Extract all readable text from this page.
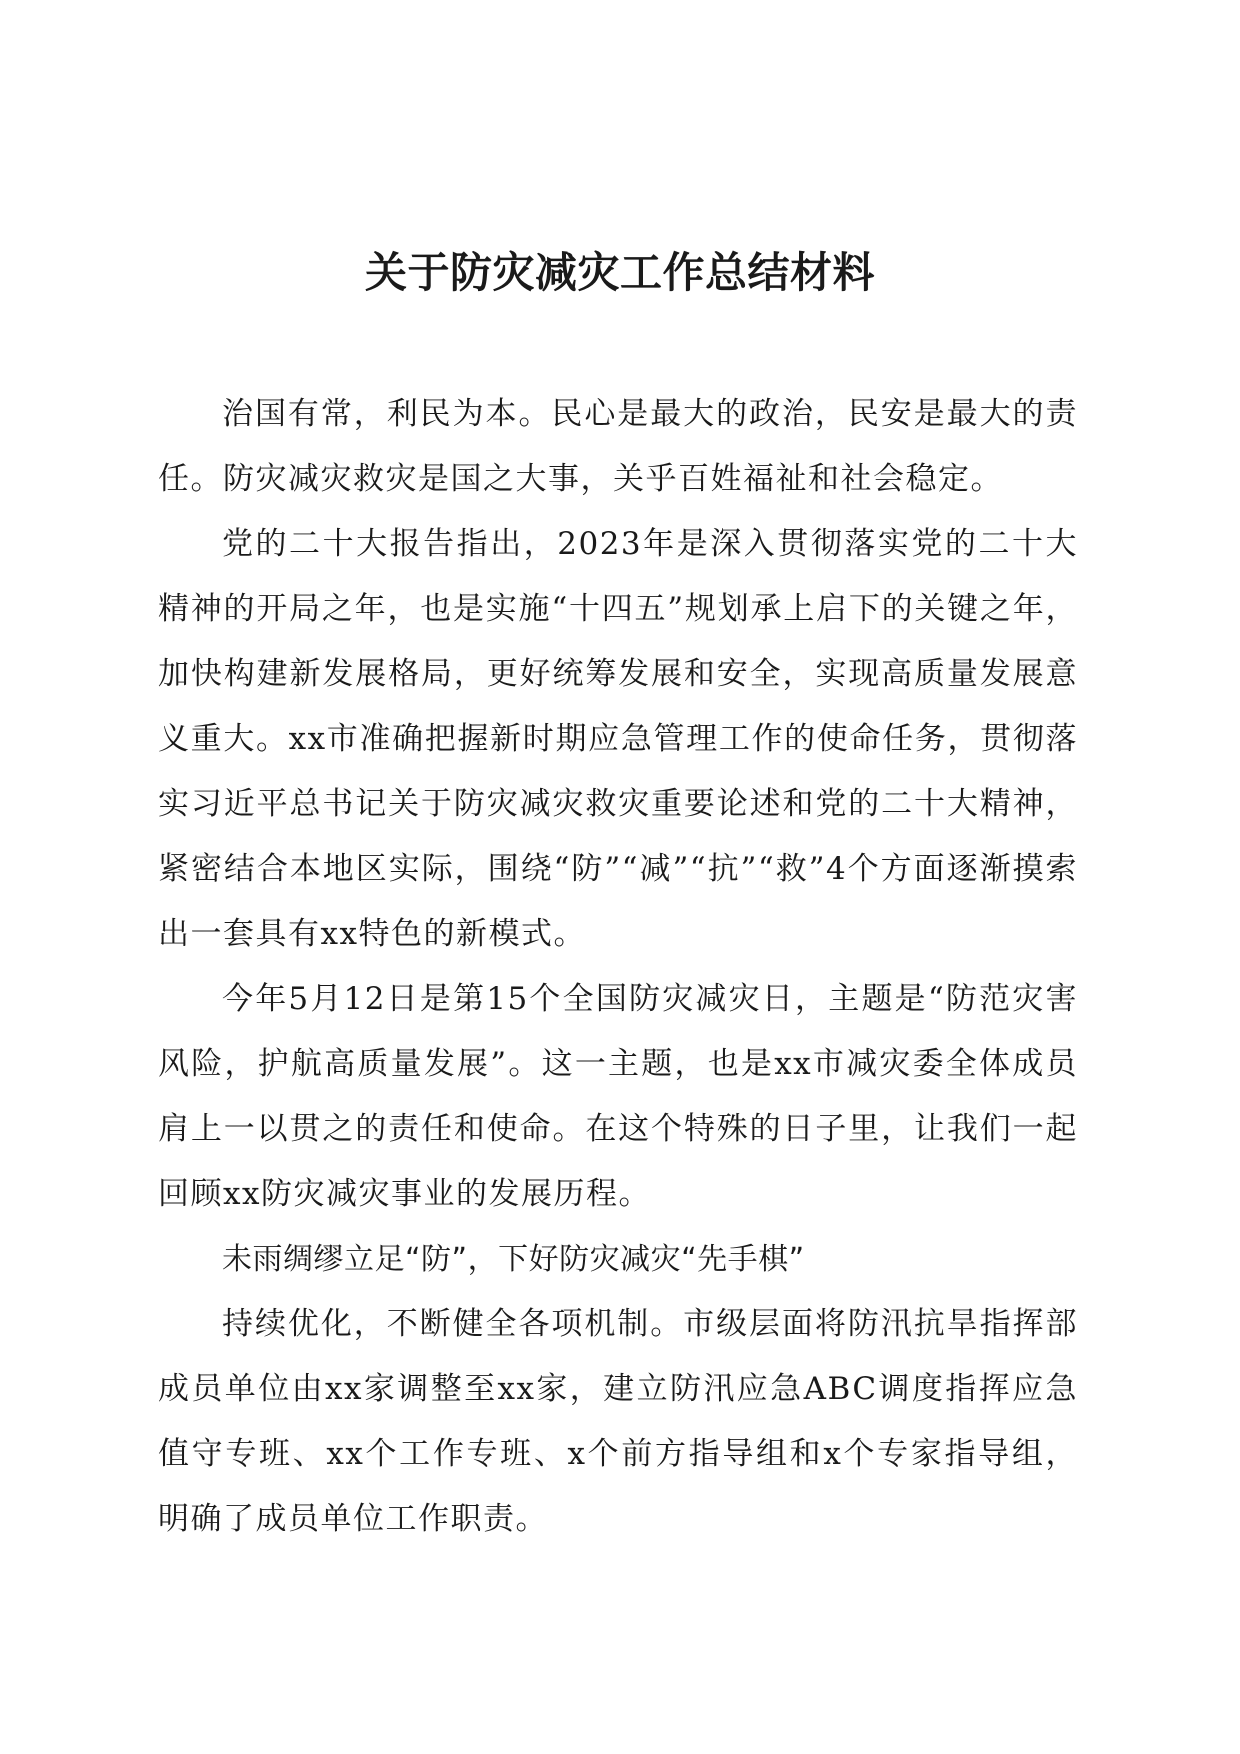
关于防灾减灾工作总结材料

治国有常，利民为本。民心是最大的政治，民安是最大的责任。防灾减灾救灾是国之大事，关乎百姓福祉和社会稳定。

党的二十大报告指出，2023年是深入贯彻落实党的二十大精神的开局之年，也是实施“十四五”规划承上启下的关键之年，加快构建新发展格局，更好统筹发展和安全，实现高质量发展意义重大。xx市准确把握新时期应急管理工作的使命任务，贯彻落实习近平总书记关于防灾减灾救灾重要论述和党的二十大精神，紧密结合本地区实际，围绕“防”“减”“抗”“救”4个方面逐渐摸索出一套具有xx特色的新模式。

今年5月12日是第15个全国防灾减灾日，主题是“防范灾害风险，护航高质量发展”。这一主题，也是xx市减灾委全体成员肩上一以贯之的责任和使命。在这个特殊的日子里，让我们一起回顾xx防灾减灾事业的发展历程。

未雨绸缪立足“防”，下好防灾减灾“先手棋”

持续优化，不断健全各项机制。市级层面将防汛抗旱指挥部成员单位由xx家调整至xx家，建立防汛应急ABC调度指挥应急值守专班、xx个工作专班、x个前方指导组和x个专家指导组，明确了成员单位工作职责。
